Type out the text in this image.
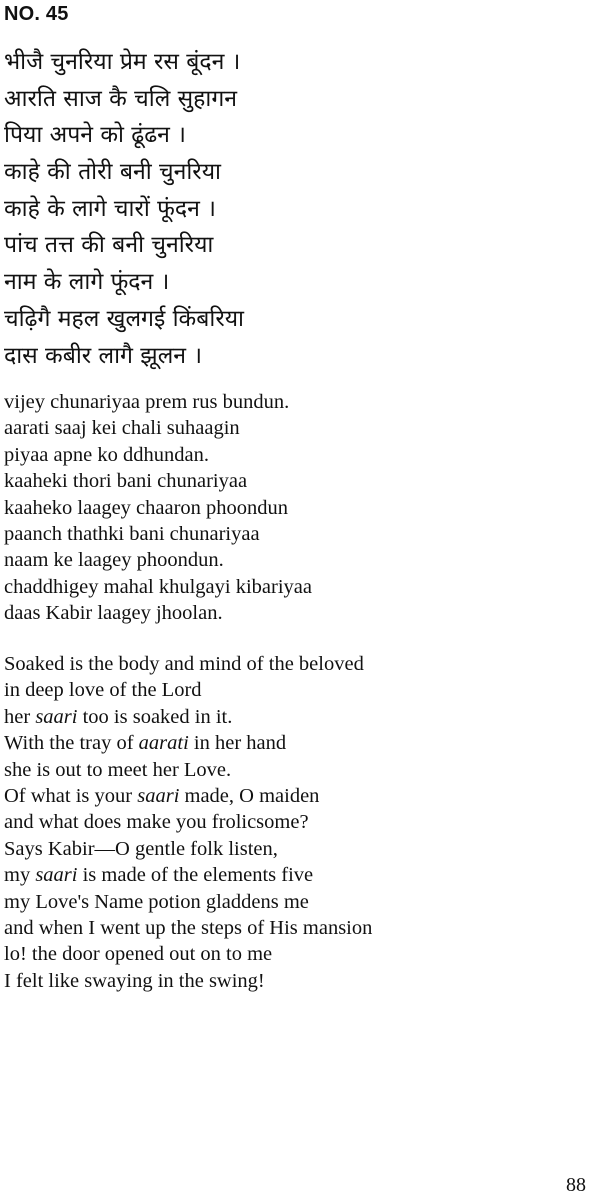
NO. 45
भीजै चुनरिया प्रेम रस बूंदन ।
आरति साज कै चलि सुहागन
पिया अपने को ढूंढन ।
काहे की तोरी बनी चुनरिया
काहे के लागे चारों फूंदन ।
पांच तत्त की बनी चुनरिया
नाम के लागे फूंदन ।
चढ़िगै महल खुलगई किंबरिया
दास कबीर लागै झूलन ।
vijey chunariyaa prem rus bundun.
aarati saaj kei chali suhaagin
piyaa apne ko ddhundan.
kaaheki thori bani chunariyaa
kaaheko laagey chaaron phoondun
paanch thathki bani chunariyaa
naam ke laagey phoondun.
chaddhigey mahal khulgayi kibariyaa
daas Kabir laagey jhoolan.
Soaked is the body and mind of the beloved
in deep love of the Lord
her saari too is soaked in it.
With the tray of aarati in her hand
she is out to meet her Love.
Of what is your saari made, O maiden
and what does make you frolicsome?
Says Kabir—O gentle folk listen,
my saari is made of the elements five
my Love's Name potion gladdens me
and when I went up the steps of His mansion
lo! the door opened out on to me
I felt like swaying in the swing!
88
